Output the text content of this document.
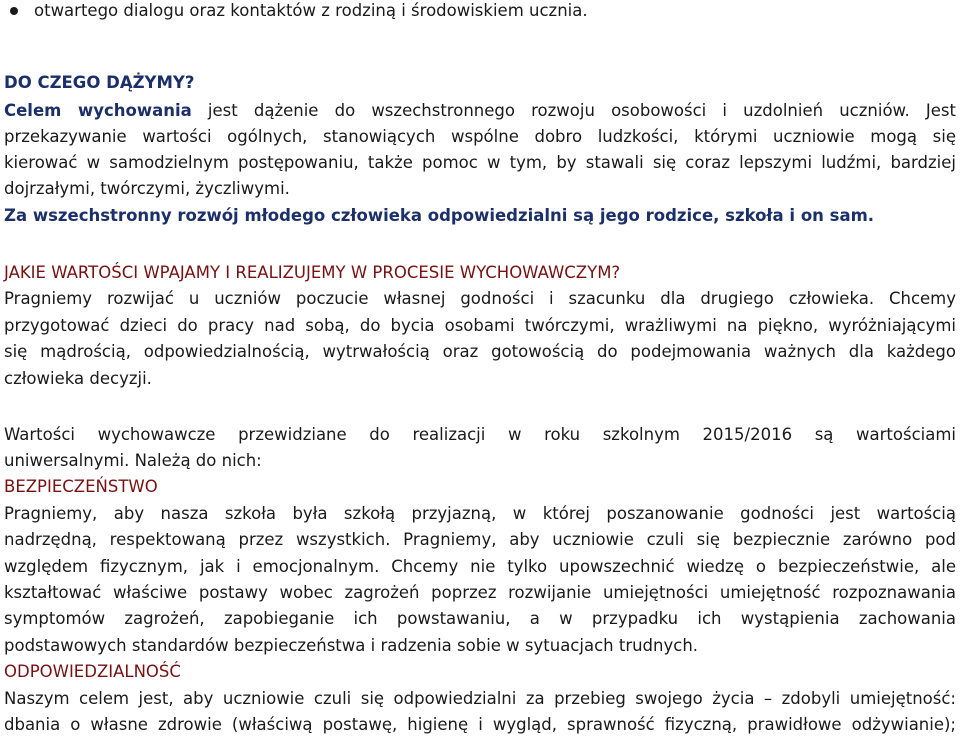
otwartego dialogu oraz kontaktów z rodziną i środowiskiem ucznia.
DO CZEGO DĄŻYMY?
Celem wychowania jest dążenie do wszechstronnego rozwoju osobowości i uzdolnień uczniów. Jest
przekazywanie wartości ogólnych, stanowiących wspólne dobro ludzkości, którymi uczniowie mogą się
kierować w samodzielnym postępowaniu, także pomoc w tym, by stawali się coraz lepszymi ludźmi, bardziej
dojrzałymi, twórczymi, życzliwymi.
Za wszechstronny rozwój młodego człowieka odpowiedzialni są jego rodzice, szkoła i on sam.
JAKIE WARTOŚCI WPAJAMY I REALIZUJEMY W PROCESIE WYCHOWAWCZYM?
Pragniemy rozwijać u uczniów poczucie własnej godności i szacunku dla drugiego człowieka. Chcemy
przygotować dzieci do pracy nad sobą, do bycia osobami twórczymi, wrażliwymi na piękno, wyróżniającymi
się mądrością, odpowiedzialnością, wytrwałością oraz gotowością do podejmowania ważnych dla każdego
człowieka decyzji.
Wartości wychowawcze przewidziane do realizacji w roku szkolnym 2015/2016 są wartościami
uniwersalnymi. Należą do nich:
BEZPIECZEŃSTWO
Pragniemy, aby nasza szkoła była szkołą przyjazną, w której poszanowanie godności jest wartością
nadrzędną, respektowaną przez wszystkich. Pragniemy, aby uczniowie czuli się bezpiecznie zarówno pod
względem fizycznym, jak i emocjonalnym. Chcemy nie tylko upowszechnić wiedzę o bezpieczeństwie, ale
kształtować właściwe postawy wobec zagrożeń poprzez rozwijanie umiejętności umiejętność rozpoznawania
symptomów zagrożeń, zapobieganie ich powstawaniu, a w przypadku ich wystąpienia zachowania
podstawowych standardów bezpieczeństwa i radzenia sobie w sytuacjach trudnych.
ODPOWIEDZIALNOŚĆ
Naszym celem jest, aby uczniowie czuli się odpowiedzialni za przebieg swojego życia – zdobyli umiejętność:
dbania o własne zdrowie (właściwą postawę, higienę i wygląd, sprawność fizyczną, prawidłowe odżywianie);
